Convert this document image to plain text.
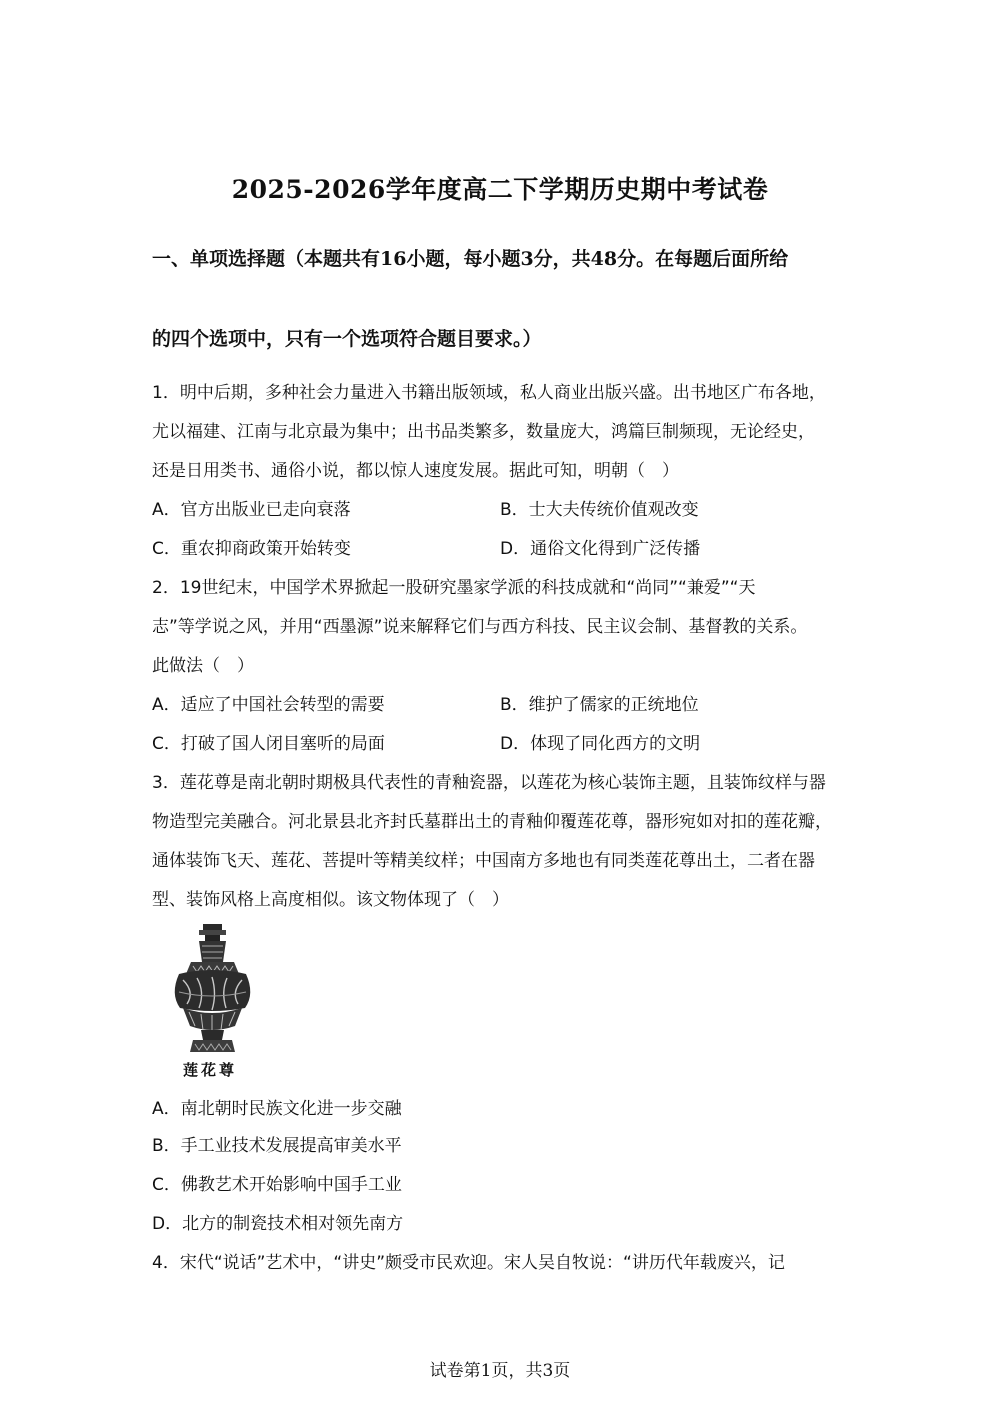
2025-2026学年度高二下学期历史期中考试卷
一、单项选择题（本题共有16小题，每小题3分，共48分。在每题后面所给
的四个选项中，只有一个选项符合题目要求。）
1．明中后期，多种社会力量进入书籍出版领域，私人商业出版兴盛。出书地区广布各地，
尤以福建、江南与北京最为集中；出书品类繁多，数量庞大，鸿篇巨制频现，无论经史，
还是日用类书、通俗小说，都以惊人速度发展。据此可知，明朝（　）
A．官方出版业已走向衰落	B．士大夫传统价值观改变
C．重农抑商政策开始转变	D．通俗文化得到广泛传播
2．19世纪末，中国学术界掀起一股研究墨家学派的科技成就和“尚同”“兼爱”“天
志”等学说之风，并用“西墨源”说来解释它们与西方科技、民主议会制、基督教的关系。
此做法（　）
A．适应了中国社会转型的需要	B．维护了儒家的正统地位
C．打破了国人闭目塞听的局面	D．体现了同化西方的文明
3．莲花尊是南北朝时期极具代表性的青釉瓷器，以莲花为核心装饰主题，且装饰纹样与器
物造型完美融合。河北景县北齐封氏墓群出土的青釉仰覆莲花尊，器形宛如对扣的莲花瓣，
通体装饰飞天、莲花、菩提叶等精美纹样；中国南方多地也有同类莲花尊出土，二者在器
型、装饰风格上高度相似。该文物体现了（　）
莲花尊
A．南北朝时民族文化进一步交融
B．手工业技术发展提高审美水平
C．佛教艺术开始影响中国手工业
D．北方的制瓷技术相对领先南方
4．宋代“说话”艺术中，“讲史”颇受市民欢迎。宋人吴自牧说：“讲历代年载废兴，记
试卷第1页，共3页
